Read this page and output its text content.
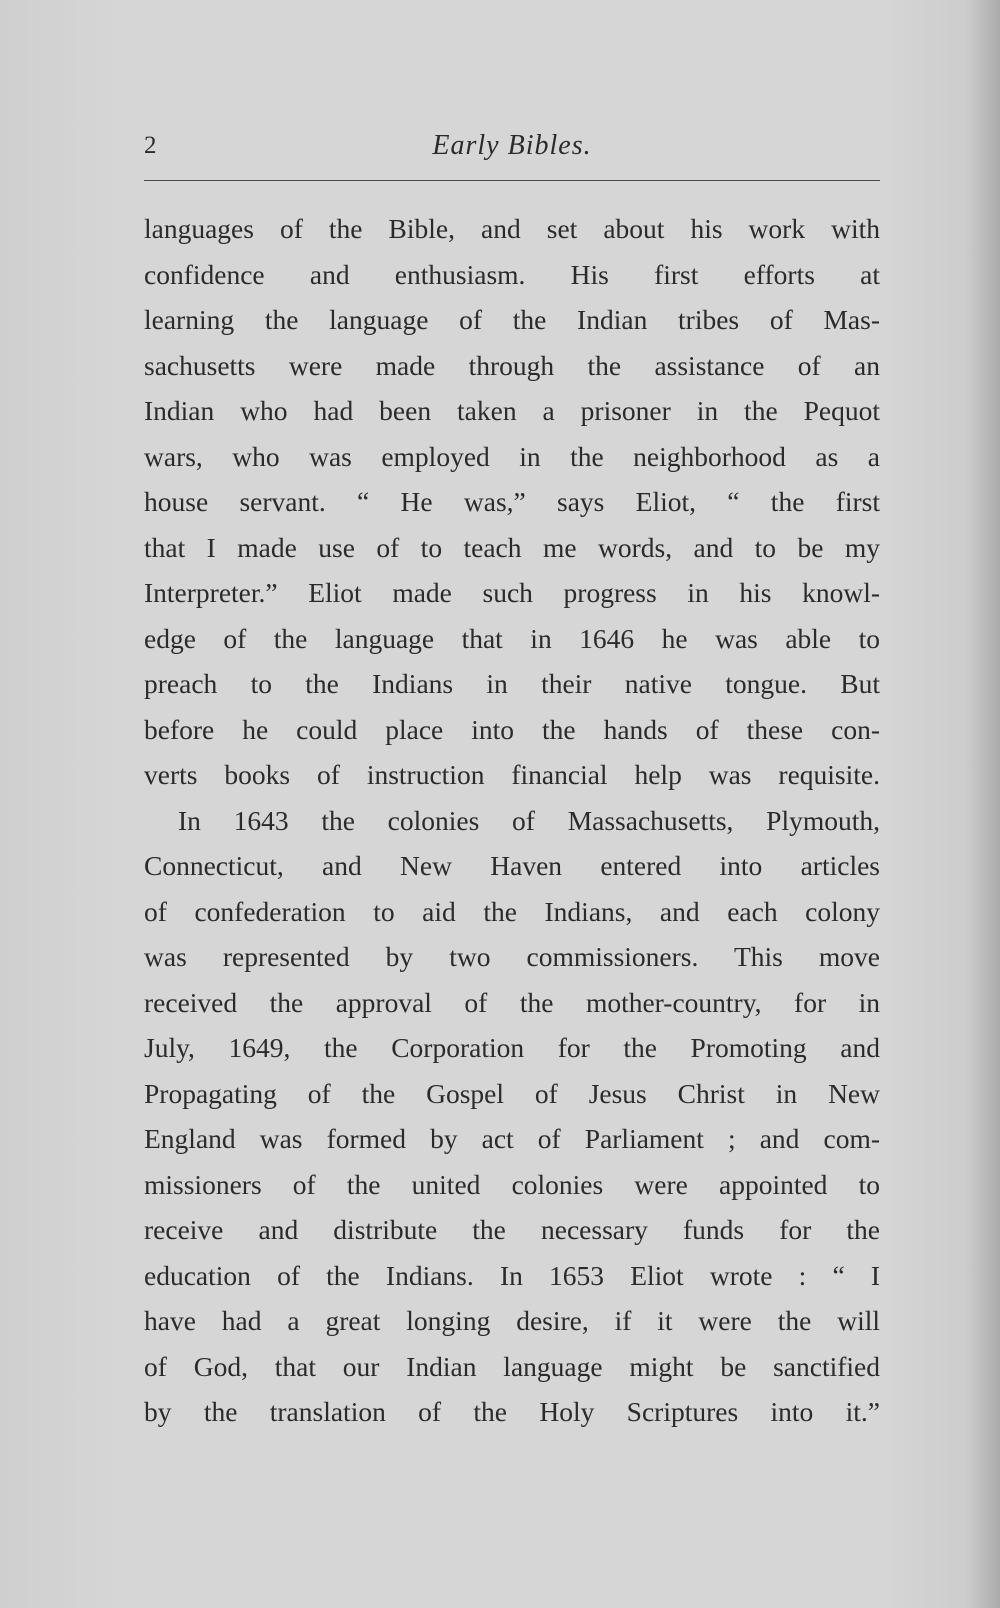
2	Early Bibles.

languages of the Bible, and set about his work with

confidence and enthusiasm. His first efforts at

learning the language of the Indian tribes of Mas-

sachusetts were made through the assistance of an

Indian who had been taken a prisoner in the Pequot

wars, who was employed in the neighborhood as a

house servant. “ He was,” says Eliot, “ the first

that I made use of to teach me words, and to be my

Interpreter.” Eliot made such progress in his knowl-

edge of the language that in 1646 he was able to

preach to the Indians in their native tongue. But

before he could place into the hands of these con-

verts books of instruction financial help was requisite.

In 1643 the colonies of Massachusetts, Plymouth,

Connecticut, and New Haven entered into articles

of confederation to aid the Indians, and each colony

was represented by two commissioners. This move

received the approval of the mother-country, for in

July, 1649, the Corporation for the Promoting and

Propagating of the Gospel of Jesus Christ in New

England was formed by act of Parliament ; and com-

missioners of the united colonies were appointed to

receive and distribute the necessary funds for the

education of the Indians. In 1653 Eliot wrote : “ I

have had a great longing desire, if it were the will

of God, that our Indian language might be sanctified

by the translation of the Holy Scriptures into it.”
